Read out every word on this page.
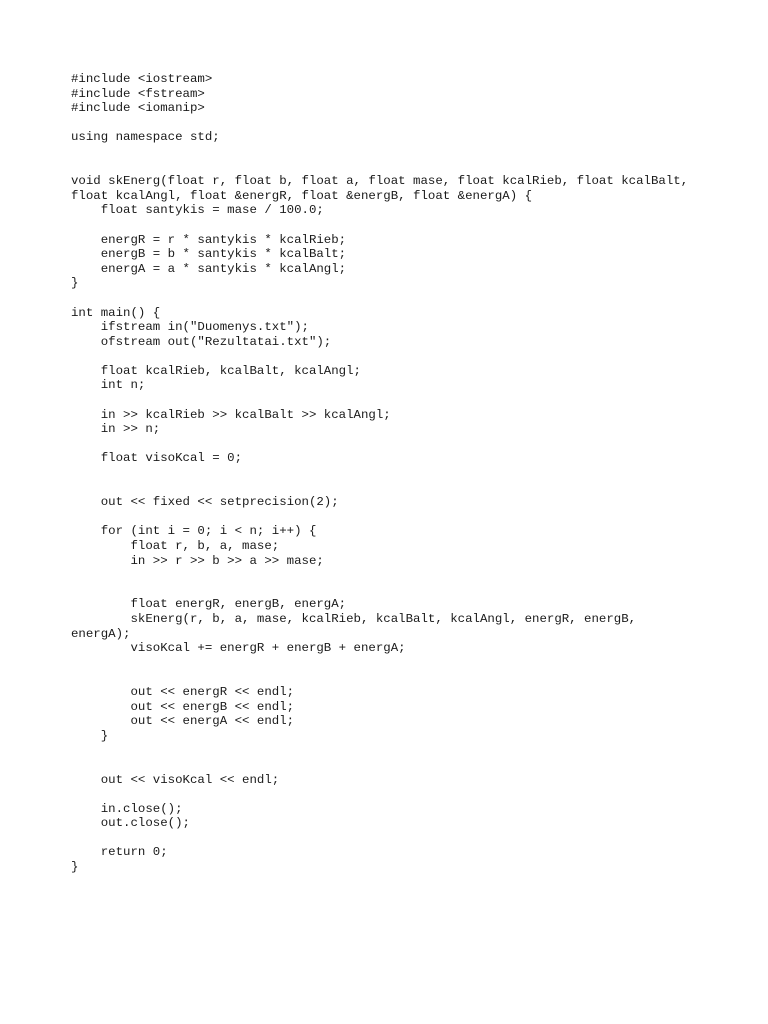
#include <iostream>
#include <fstream>
#include <iomanip>
using namespace std;
void skEnerg(float r, float b, float a, float mase, float kcalRieb, float kcalBalt,
float kcalAngl, float &energR, float &energB, float &energA) {
float santykis = mase / 100.0;
energR = r * santykis * kcalRieb;
energB = b * santykis * kcalBalt;
energA = a * santykis * kcalAngl;
}
int main() {
ifstream in("Duomenys.txt");
ofstream out("Rezultatai.txt");
float kcalRieb, kcalBalt, kcalAngl;
int n;
in >> kcalRieb >> kcalBalt >> kcalAngl;
in >> n;
float visoKcal = 0;
out << fixed << setprecision(2);
for (int i = 0; i < n; i++) {
float r, b, a, mase;
in >> r >> b >> a >> mase;
float energR, energB, energA;
skEnerg(r, b, a, mase, kcalRieb, kcalBalt, kcalAngl, energR, energB,
energA);
visoKcal += energR + energB + energA;
out << energR << endl;
out << energB << endl;
out << energA << endl;
}
out << visoKcal << endl;
in.close();
out.close();
return 0;
}
